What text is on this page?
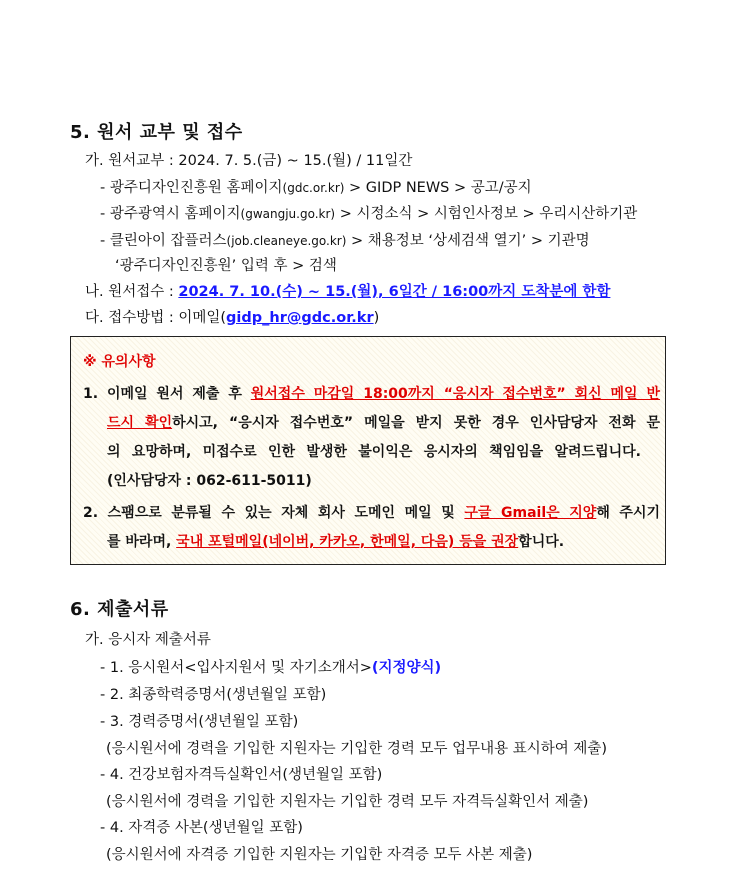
5. 원서 교부 및 접수
가. 원서교부 : 2024. 7. 5.(금) ~ 15.(월) / 11일간
- 광주디자인진흥원 홈페이지(gdc.or.kr) > GIDP NEWS > 공고/공지
- 광주광역시 홈페이지(gwangju.go.kr) > 시정소식 > 시험인사정보 > 우리시산하기관
- 클린아이 잡플러스(job.cleaneye.go.kr) > 채용정보 ‘상세검색 열기’ > 기관명
‘광주디자인진흥원’ 입력 후 > 검색
나. 원서접수 : 2024. 7. 10.(수) ~ 15.(월), 6일간 / 16:00까지 도착분에 한함
다. 접수방법 : 이메일(gidp_hr@gdc.or.kr)
※ 유의사항
1. 이메일 원서 제출 후 원서접수 마감일 18:00까지 “응시자 접수번호” 회신 메일 반
드시 확인하시고, “응시자 접수번호” 메일을 받지 못한 경우 인사담당자 전화 문
의 요망하며, 미접수로 인한 발생한 불이익은 응시자의 책임임을 알려드립니다.
(인사담당자 : 062-611-5011)
2. 스팸으로 분류될 수 있는 자체 회사 도메인 메일 및 구글 Gmail은 지양해 주시기
를 바라며, 국내 포털메일(네이버, 카카오, 한메일, 다음) 등을 권장합니다.
6. 제출서류
가. 응시자 제출서류
- 1. 응시원서<입사지원서 및 자기소개서>(지정양식)
- 2. 최종학력증명서(생년월일 포함)
- 3. 경력증명서(생년월일 포함)
(응시원서에 경력을 기입한 지원자는 기입한 경력 모두 업무내용 표시하여 제출)
- 4. 건강보험자격득실확인서(생년월일 포함)
(응시원서에 경력을 기입한 지원자는 기입한 경력 모두 자격득실확인서 제출)
- 4. 자격증 사본(생년월일 포함)
(응시원서에 자격증 기입한 지원자는 기입한 자격증 모두 사본 제출)
